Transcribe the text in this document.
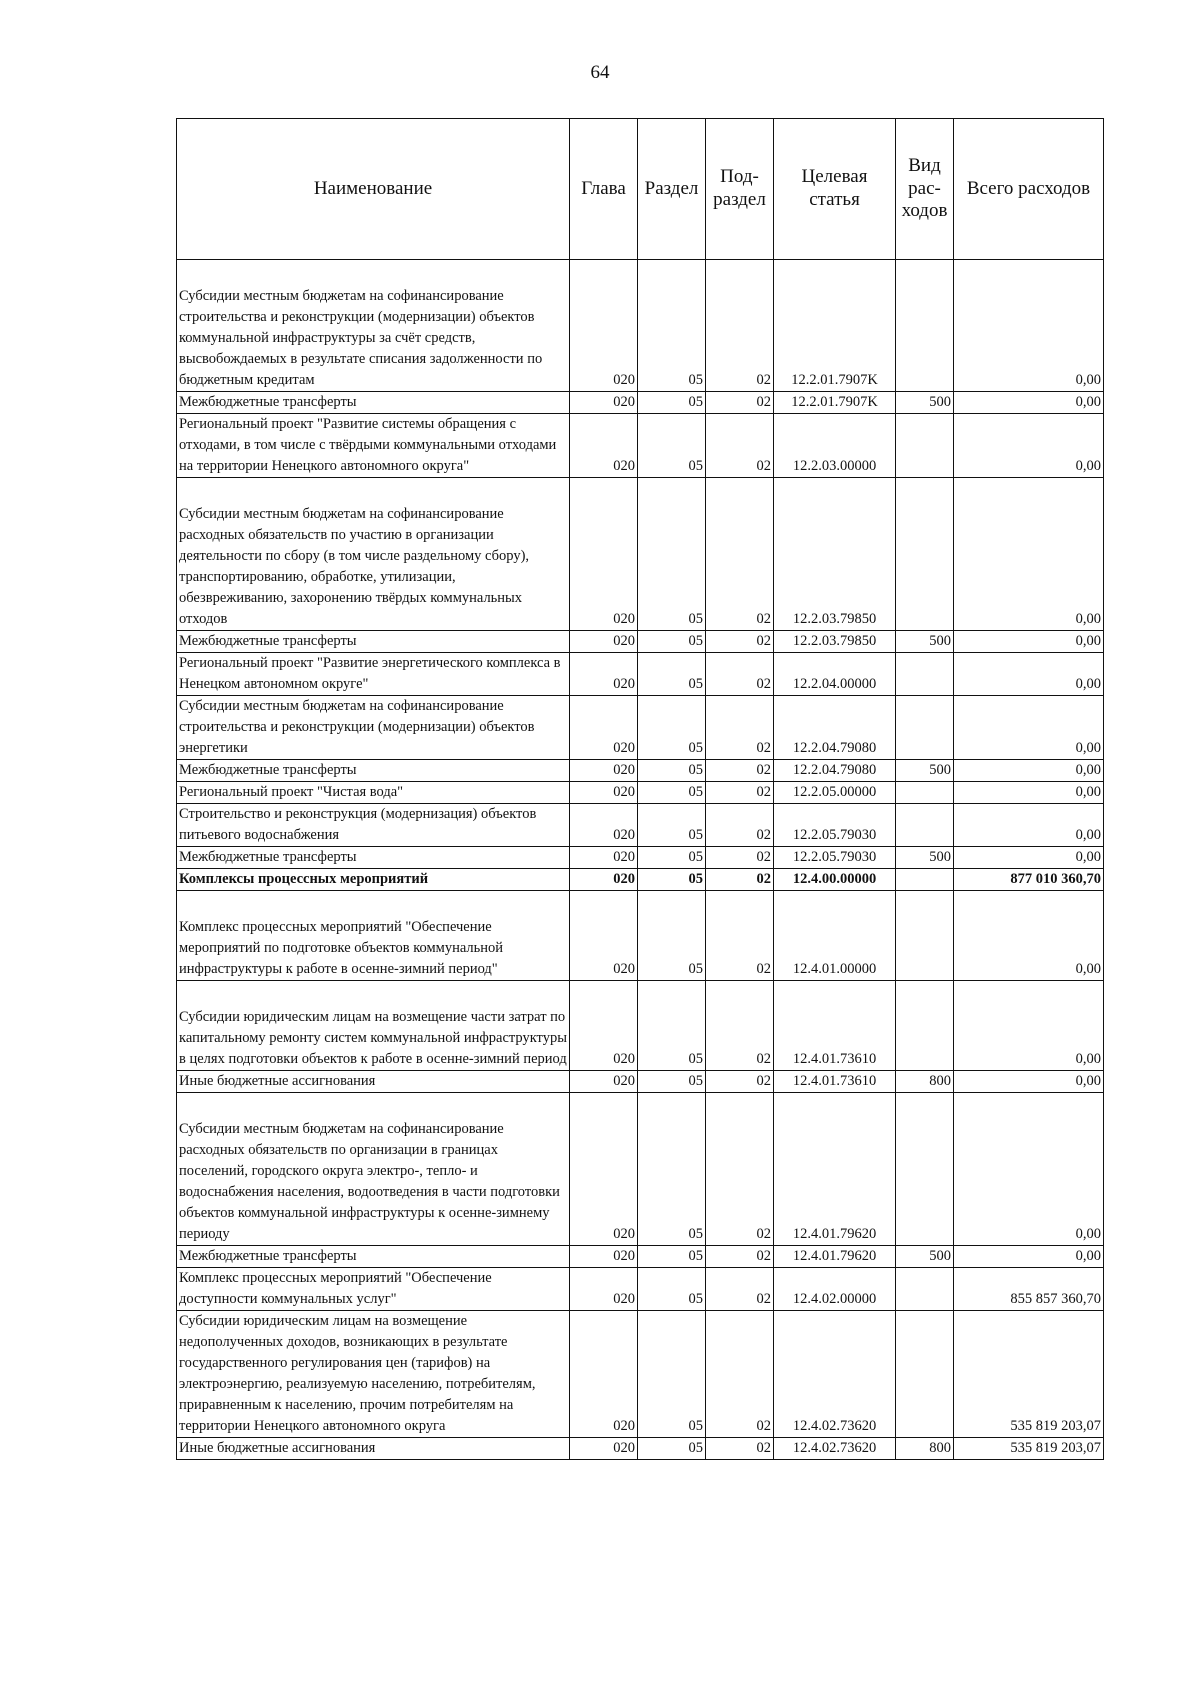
64
Наименование	Глава	Раздел	Под-раздел	Целевая статья	Вид рас-ходов	Всего расходов
Субсидии местным бюджетам на софинансирование строительства и реконструкции (модернизации) объектов коммунальной инфраструктуры за счёт средств, высвобождаемых в результате списания задолженности по бюджетным кредитам	020	05	02	12.2.01.7907K		0,00
Межбюджетные трансферты	020	05	02	12.2.01.7907K	500	0,00
Региональный проект "Развитие системы обращения с отходами, в том числе с твёрдыми коммунальными отходами на территории Ненецкого автономного округа"	020	05	02	12.2.03.00000		0,00
Субсидии местным бюджетам на софинансирование расходных обязательств по участию в организации деятельности по сбору (в том числе раздельному сбору), транспортированию, обработке, утилизации, обезвреживанию, захоронению твёрдых коммунальных отходов	020	05	02	12.2.03.79850		0,00
Межбюджетные трансферты	020	05	02	12.2.03.79850	500	0,00
Региональный проект "Развитие энергетического комплекса в Ненецком автономном округе"	020	05	02	12.2.04.00000		0,00
Субсидии местным бюджетам на софинансирование строительства и реконструкции (модернизации) объектов энергетики	020	05	02	12.2.04.79080		0,00
Межбюджетные трансферты	020	05	02	12.2.04.79080	500	0,00
Региональный проект "Чистая вода"	020	05	02	12.2.05.00000		0,00
Строительство и реконструкция (модернизация) объектов питьевого водоснабжения	020	05	02	12.2.05.79030		0,00
Межбюджетные трансферты	020	05	02	12.2.05.79030	500	0,00
Комплексы процессных мероприятий	020	05	02	12.4.00.00000		877 010 360,70
Комплекс процессных мероприятий "Обеспечение мероприятий по подготовке объектов коммунальной инфраструктуры к работе в осенне-зимний период"	020	05	02	12.4.01.00000		0,00
Субсидии юридическим лицам на возмещение части затрат по капитальному ремонту систем коммунальной инфраструктуры в целях подготовки объектов к работе в осенне-зимний период	020	05	02	12.4.01.73610		0,00
Иные бюджетные ассигнования	020	05	02	12.4.01.73610	800	0,00
Субсидии местным бюджетам на софинансирование расходных обязательств по организации в границах поселений, городского округа электро-, тепло- и водоснабжения населения, водоотведения в части подготовки объектов коммунальной инфраструктуры к осенне-зимнему периоду	020	05	02	12.4.01.79620		0,00
Межбюджетные трансферты	020	05	02	12.4.01.79620	500	0,00
Комплекс процессных мероприятий "Обеспечение доступности коммунальных услуг"	020	05	02	12.4.02.00000		855 857 360,70
Субсидии юридическим лицам на возмещение недополученных доходов, возникающих в результате государственного регулирования цен (тарифов) на электроэнергию, реализуемую населению, потребителям, приравненным к населению, прочим потребителям на территории Ненецкого автономного округа	020	05	02	12.4.02.73620		535 819 203,07
Иные бюджетные ассигнования	020	05	02	12.4.02.73620	800	535 819 203,07
